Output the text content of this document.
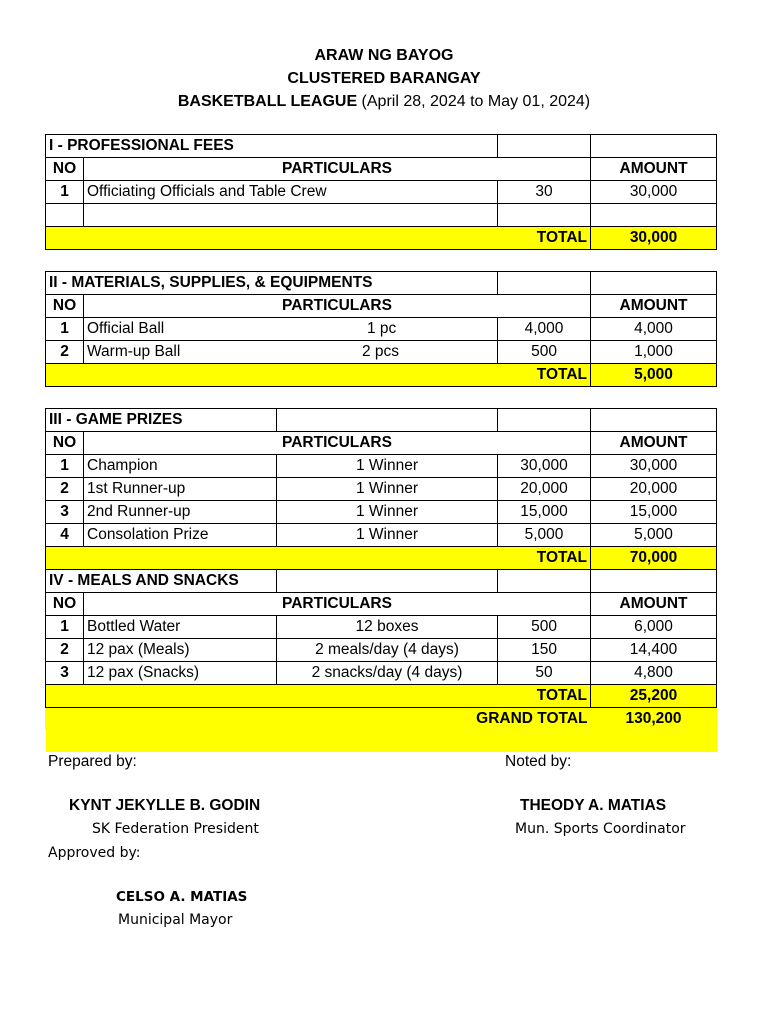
ARAW NG BAYOG
CLUSTERED BARANGAY
BASKETBALL LEAGUE (April 28, 2024 to May 01, 2024)
I - PROFESSIONAL FEES			
NO	PARTICULARS		AMOUNT
1	Officiating Officials and Table Crew	30	30,000

TOTAL			30,000
II - MATERIALS, SUPPLIES, & EQUIPMENTS			
NO	PARTICULARS		AMOUNT
1	Official Ball 1 pc	4,000	4,000
2	Warm-up Ball 2 pcs	500	1,000
TOTAL			5,000
III - GAME PRIZES				
NO	PARTICULARS			AMOUNT
1	Champion	1 Winner	30,000	30,000
2	1st Runner-up	1 Winner	20,000	20,000
3	2nd Runner-up	1 Winner	15,000	15,000
4	Consolation Prize	1 Winner	5,000	5,000
TOTAL				70,000
IV - MEALS AND SNACKS				
NO	PARTICULARS			AMOUNT
1	Bottled Water	12 boxes	500	6,000
2	12 pax (Meals)	2 meals/day (4 days)	150	14,400
3	12 pax (Snacks)	2 snacks/day (4 days)	50	4,800
TOTAL				25,200
GRAND TOTAL				130,200

Prepared by:	Noted by:
KYNT JEKYLLE B. GODIN	THEODY A. MATIAS
SK Federation President	Mun. Sports Coordinator
Approved by:
CELSO A. MATIAS
Municipal Mayor
